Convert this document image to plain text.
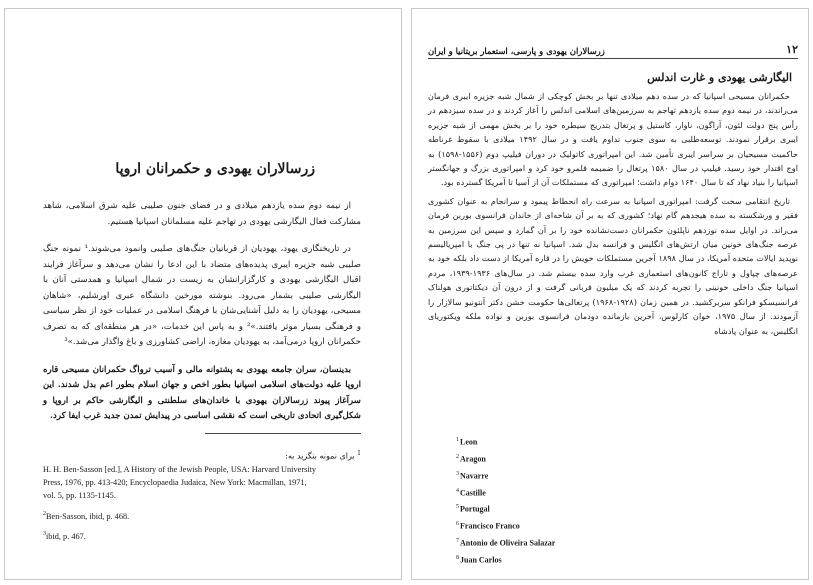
زرسالاران یهودی و حکمرانان اروپا

از نیمه دوم سده یازدهم میلادی و در فضای جنون صلیبی علیه شرق اسلامی، شاهد مشارکت فعال الیگارشی یهودی در تهاجم علیه مسلمانان اسپانیا هستیم.

در تاریخنگاری یهود، یهودیان از قربانیان جنگ‌های صلیبی وانمود می‌شوند.¹ نمونه جنگ صلیبی شبه جزیره ایبری پدیده‌های متضاد با این ادعا را نشان می‌دهد و سرآغاز فرایند اقبال الیگارشی یهودی و کارگزارانشان به زیست در شمال اسپانیا و همدستی آنان با الیگارشی صلیبی بشمار می‌رود. بنوشته مورخین دانشگاه عبری اورشلیم، «شاهان مسیحی، یهودیان را به دلیل آشنایی‌شان با فرهنگ اسلامی در عملیات خود از نظر سیاسی و فرهنگی بسیار موثر یافتند.»² و به پاس این خدمات، «در هر منطقه‌ای که به تصرف حکمرانان اروپا درمی‌آمد، به یهودیان مغازه، اراضی کشاورزی و باغ واگذار می‌شد.»³

بدینسان، سران جامعه یهودی به پشتوانه مالی و آسیب ترواگ حکمرانان مسیحی قاره اروپا علیه دولت‌های اسلامی اسپانیا بطور اخص و جهان اسلام بطور اعم بدل شدند. این سرآغاز پیوند زرسالاران یهودی با خاندان‌های سلطنتی و الیگارشی حاکم بر اروپا و شکل‌گیری اتحادی تاریخی است که نقشی اساسی در پیدایش تمدن جدید غرب ایفا کرد.

$^1$ برای نمونه بنگرید به:
H. H. Ben-Sasson [ed.], A History of the Jewish People, USA: Harvard University
Press, 1976, pp. 413-420; Encyclopaedia Judaica, New York: Macmillan, 1971,
vol. 5, pp. 1135-1145.
$^2$Ben-Sasson, ibid, p. 468.
$^3$ibid, p. 467.
زرسالاران یهودی و پارسی، استعمار بریتانیا و ایران	۱۲
الیگارشی یهودی و غارت اندلس

حکمرانان مسیحی اسپانیا که در سده دهم میلادی تنها بر بخش کوچکی از شمال شبه جزیره ایبری فرمان می‌راندند، در نیمه دوم سده یازدهم تهاجم به سرزمین‌های اسلامی اندلس را آغاز کردند و در سده سیزدهم در رأس پنج دولت لئون، آراگون، ناوار، کاستیل و پرتغال بتدریج سیطره خود را بر بخش مهمی از شبه جزیره ایبری برقرار نمودند. توسعه‌طلبی به سوی جنوب تداوم یافت و در سال ۱۴۹۲ میلادی با سقوط غرناطه حاکمیت مسیحیان بر سراسر ایبری تأمین شد. این امپراتوری کاتولیک در دوران فیلیپ دوم (۱۵۵۶-۱۵۹۸) به اوج اقتدار خود رسید. فیلیپ در سال ۱۵۸۰ پرتغال را ضمیمه قلمرو خود کرد و امپراتوری بزرگ و جهانگستر اسپانیا را بنیاد نهاد که تا سال ۱۶۴۰ دوام داشت؛ امپراتوری که مستملکات آن از آسیا تا آمریکا گسترده بود.

تاریخ انتقامی سخت گرفت: امپراتوری اسپانیا به سرعت راه انحطاط پیمود و سرانجام به عنوان کشوری فقیر و ورشکسته به سده هیجدهم گام نهاد؛ کشوری که به بر آن شاخه‌ای از خاندان فرانسوی بوربن فرمان می‌راند. در اوایل سده نوزدهم ناپلئون حکمرانان دست‌نشانده خود را بر آن گمارد و سپس این سرزمین به عرصه جنگ‌های خونین میان ارتش‌های انگلیس و فرانسه بدل شد. اسپانیا نه تنها در پی جنگ با امپریالیسم نوپدید ایالات متحده آمریکا، در سال ۱۸۹۸ آخرین مستملکات خویش را در قاره آمریکا از دست داد بلکه خود به عرصه‌های چپاول و تاراج کانون‌های استعماری غرب وارد سده بیستم شد. در سال‌های ۱۹۳۶-۱۹۳۹، مردم اسپانیا جنگ داخلی خونینی را تجربه کردند که یک میلیون قربانی گرفت و از درون آن دیکتاتوری هولناک فرانسیسکو فرانکو سربرکشید. در همین زمان (۱۹۲۸-۱۹۶۸) پرتغالی‌ها حکومت خشن دکتر آنتونیو سالازار را آزمودند. از سال ۱۹۷۵، خوان کارلوس، آخرین بازمانده دودمان فرانسوی بوربن و نواده ملکه ویکتوریای انگلیس، به عنوان پادشاه

$^1$Leon
$^2$Aragon
$^3$Navarre
$^4$Castille
$^5$Portugal
$^6$Francisco Franco
$^7$Antonio de Oliveira Salazar
$^8$Juan Carlos
